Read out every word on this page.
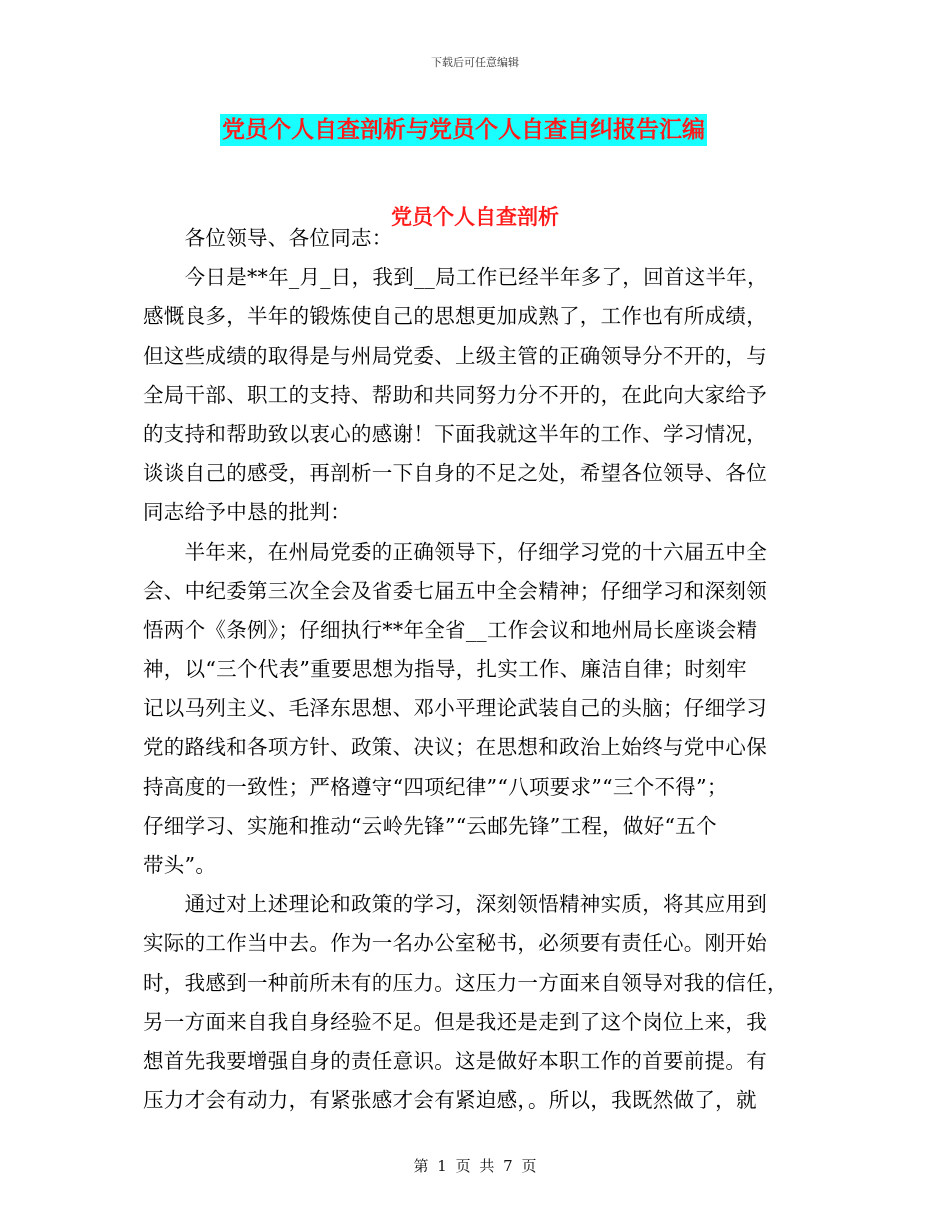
下载后可任意编辑
党员个人自查剖析与党员个人自查自纠报告汇编
党员个人自查剖析
　　各位领导、各位同志：
　　今日是**年_月_日，我到__局工作已经半年多了，回首这半年，
感慨良多，半年的锻炼使自己的思想更加成熟了，工作也有所成绩，
但这些成绩的取得是与州局党委、上级主管的正确领导分不开的，与
全局干部、职工的支持、帮助和共同努力分不开的，在此向大家给予
的支持和帮助致以衷心的感谢！下面我就这半年的工作、学习情况，
谈谈自己的感受，再剖析一下自身的不足之处，希望各位领导、各位
同志给予中恳的批判：
　　半年来，在州局党委的正确领导下，仔细学习党的十六届五中全
会、中纪委第三次全会及省委七届五中全会精神；仔细学习和深刻领
悟两个《条例》；仔细执行**年全省__工作会议和地州局长座谈会精
神，以“三个代表”重要思想为指导，扎实工作、廉洁自律；时刻牢
记以马列主义、毛泽东思想、邓小平理论武装自己的头脑；仔细学习
党的路线和各项方针、政策、决议；在思想和政治上始终与党中心保
持高度的一致性；严格遵守“四项纪律”“八项要求”“三个不得”；
仔细学习、实施和推动“云岭先锋”“云邮先锋”工程，做好“五个
带头”。
　　通过对上述理论和政策的学习，深刻领悟精神实质，将其应用到
实际的工作当中去。作为一名办公室秘书，必须要有责任心。刚开始
时，我感到一种前所未有的压力。这压力一方面来自领导对我的信任，
另一方面来自我自身经验不足。但是我还是走到了这个岗位上来，我
想首先我要增强自身的责任意识。这是做好本职工作的首要前提。有
压力才会有动力，有紧张感才会有紧迫感，。所以，我既然做了，就
第 1 页 共 7 页
